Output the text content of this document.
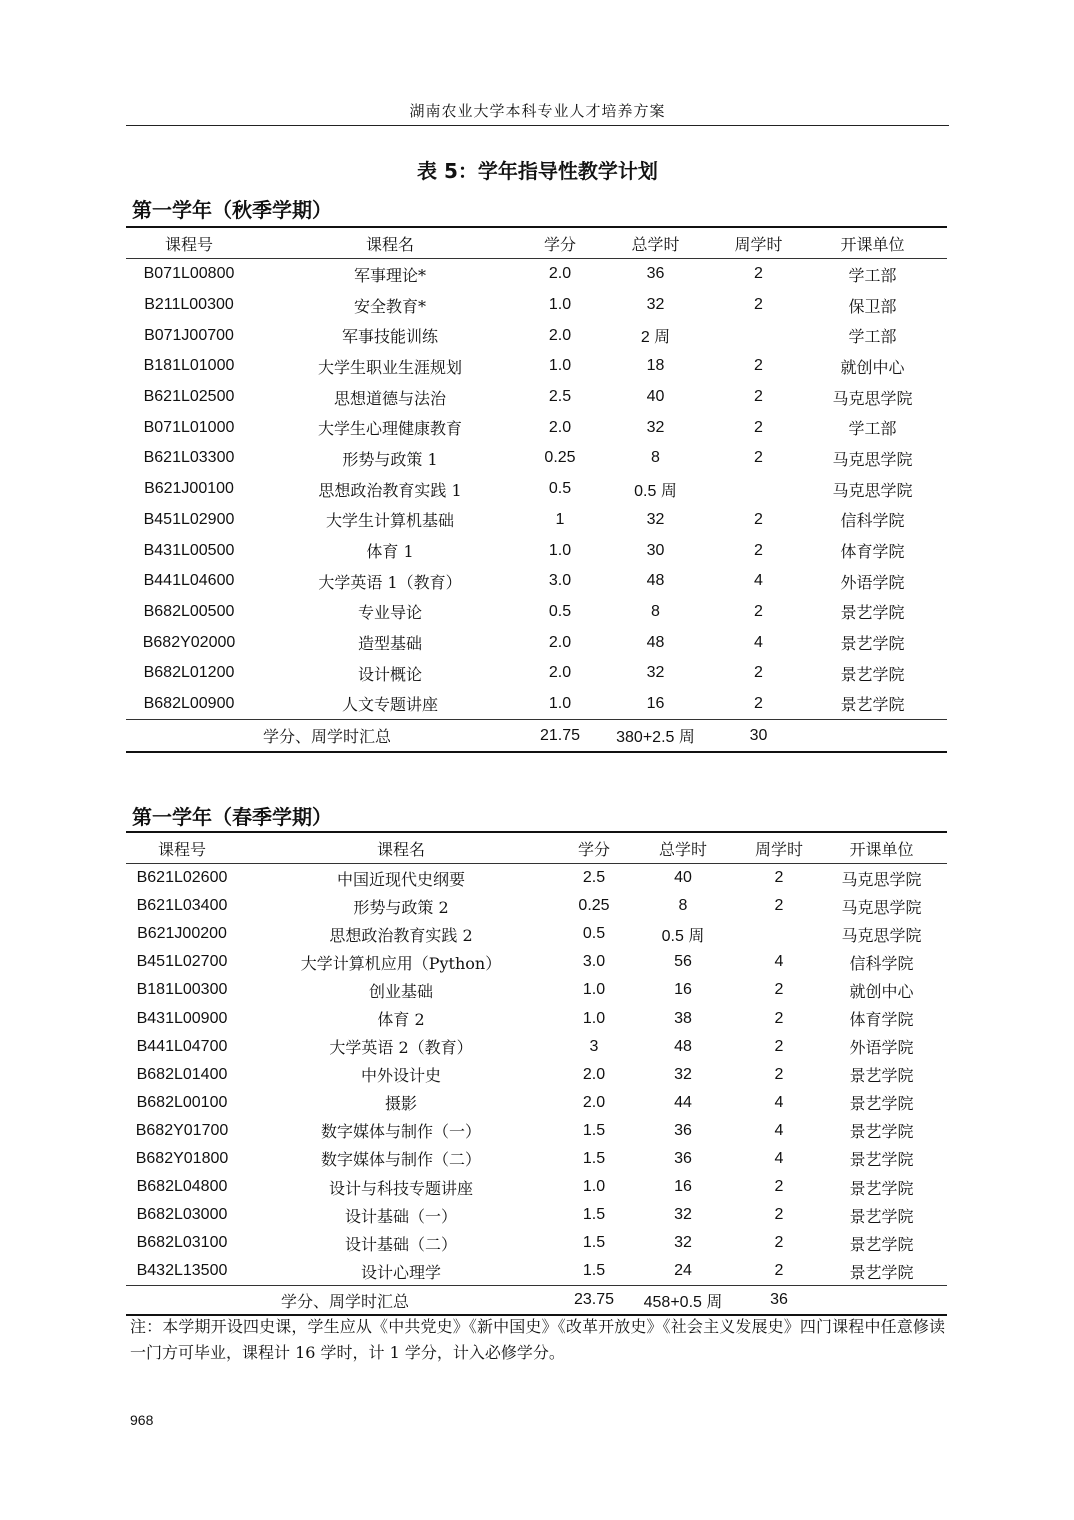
湖南农业大学本科专业人才培养方案
表 5：学年指导性教学计划
第一学年（秋季学期）
课程号	课程名	学分	总学时	周学时	开课单位
B071L00800	军事理论*	2.0	36	2	学工部
B211L00300	安全教育*	1.0	32	2	保卫部
B071J00700	军事技能训练	2.0	2 周		学工部
B181L01000	大学生职业生涯规划	1.0	18	2	就创中心
B621L02500	思想道德与法治	2.5	40	2	马克思学院
B071L01000	大学生心理健康教育	2.0	32	2	学工部
B621L03300	形势与政策 1	0.25	8	2	马克思学院
B621J00100	思想政治教育实践 1	0.5	0.5 周		马克思学院
B451L02900	大学生计算机基础	1	32	2	信科学院
B431L00500	体育 1	1.0	30	2	体育学院
B441L04600	大学英语 1（教育）	3.0	48	4	外语学院
B682L00500	专业导论	0.5	8	2	景艺学院
B682Y02000	造型基础	2.0	48	4	景艺学院
B682L01200	设计概论	2.0	32	2	景艺学院
B682L00900	人文专题讲座	1.0	16	2	景艺学院
学分、周学时汇总		21.75	380+2.5 周	30	
第一学年（春季学期）
课程号	课程名	学分	总学时	周学时	开课单位
B621L02600	中国近现代史纲要	2.5	40	2	马克思学院
B621L03400	形势与政策 2	0.25	8	2	马克思学院
B621J00200	思想政治教育实践 2	0.5	0.5 周		马克思学院
B451L02700	大学计算机应用（Python）	3.0	56	4	信科学院
B181L00300	创业基础	1.0	16	2	就创中心
B431L00900	体育 2	1.0	38	2	体育学院
B441L04700	大学英语 2（教育）	3	48	2	外语学院
B682L01400	中外设计史	2.0	32	2	景艺学院
B682L00100	摄影	2.0	44	4	景艺学院
B682Y01700	数字媒体与制作（一）	1.5	36	4	景艺学院
B682Y01800	数字媒体与制作（二）	1.5	36	4	景艺学院
B682L04800	设计与科技专题讲座	1.0	16	2	景艺学院
B682L03000	设计基础（一）	1.5	32	2	景艺学院
B682L03100	设计基础（二）	1.5	32	2	景艺学院
B432L13500	设计心理学	1.5	24	2	景艺学院
学分、周学时汇总		23.75	458+0.5 周	36	
注：本学期开设四史课，学生应从《中共党史》《新中国史》《改革开放史》《社会主义发展史》四门课程中任意修读一门方可毕业，课程计 16 学时，计 1 学分，计入必修学分。
968
